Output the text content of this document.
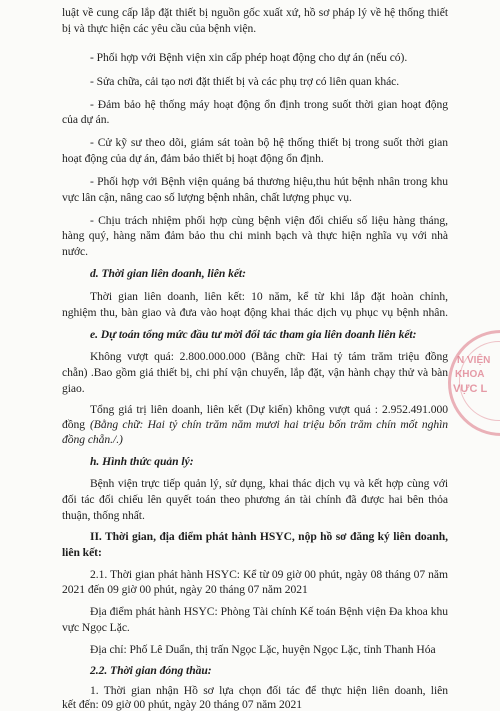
luật về cung cấp lắp đặt thiết bị nguồn gốc xuất xứ, hồ sơ pháp lý về hệ thống thiết
bị và thực hiện các yêu cầu của bệnh viện.
- Phối hợp với Bệnh viện xin cấp phép hoạt động cho dự án (nếu có).
- Sửa chữa, cải tạo nơi đặt thiết bị và các phụ trợ có liên quan khác.
- Đảm bảo hệ thống máy hoạt động ổn định trong suốt thời gian hoạt động
của dự án.
- Cử kỹ sư theo dõi, giám sát toàn bộ hệ thống thiết bị trong suốt thời gian
hoạt động của dự án, đảm bảo thiết bị hoạt động ổn định.
- Phối hợp với Bệnh viện quảng bá thương hiệu,thu hút bệnh nhân trong khu
vực lân cận, nâng cao số lượng bệnh nhân, chất lượng phục vụ.
- Chịu trách nhiệm phối hợp cùng bệnh viện đối chiếu số liệu hàng tháng,
hàng quý, hàng năm đảm bảo thu chi minh bạch và thực hiện nghĩa vụ với nhà
nước.
d. Thời gian liên doanh, liên kết:
Thời gian liên doanh, liên kết: 10 năm, kể từ khi lắp đặt hoàn chỉnh,
nghiệm thu, bàn giao và đưa vào hoạt động khai thác dịch vụ phục vụ bệnh nhân.
e. Dự toán tổng mức đầu tư mời đối tác tham gia liên doanh liên kết:
Không vượt quá: 2.800.000.000 (Bằng chữ: Hai tỷ tám trăm triệu đồng
chẵn) .Bao gồm giá thiết bị, chi phí vận chuyển, lắp đặt, vận hành chạy thử và bàn
giao.
Tổng giá trị liên doanh, liên kết (Dự kiến) không vượt quá : 2.952.491.000
đồng (Bằng chữ: Hai tỷ chín trăm năm mươi hai triệu bốn trăm chín mốt nghìn
đồng chẵn./.)
h. Hình thức quản lý:
Bệnh viện trực tiếp quản lý, sử dụng, khai thác dịch vụ và kết hợp cùng với
đối tác đối chiếu lên quyết toán theo phương án tài chính đã được hai bên thỏa
thuận, thống nhất.
II. Thời gian, địa điểm phát hành HSYC, nộp hồ sơ đăng ký liên doanh,
liên kết:
2.1. Thời gian phát hành HSYC: Kể từ 09 giờ 00 phút, ngày 08 tháng 07 năm
2021 đến 09 giờ 00 phút, ngày 20 tháng 07 năm 2021
Địa điểm phát hành HSYC: Phòng Tài chính Kế toán Bệnh viện Đa khoa khu
vực Ngọc Lặc.
Địa chỉ: Phố Lê Duẩn, thị trấn Ngọc Lặc, huyện Ngọc Lặc, tỉnh Thanh Hóa
2.2. Thời gian đóng thầu:
1. Thời gian nhận Hồ sơ lựa chọn đối tác để thực hiện liên doanh, liên
kết đến: 09 giờ 00 phút, ngày 20 tháng 07 năm 2021
N VIỆN
KHOA
VỰC L
